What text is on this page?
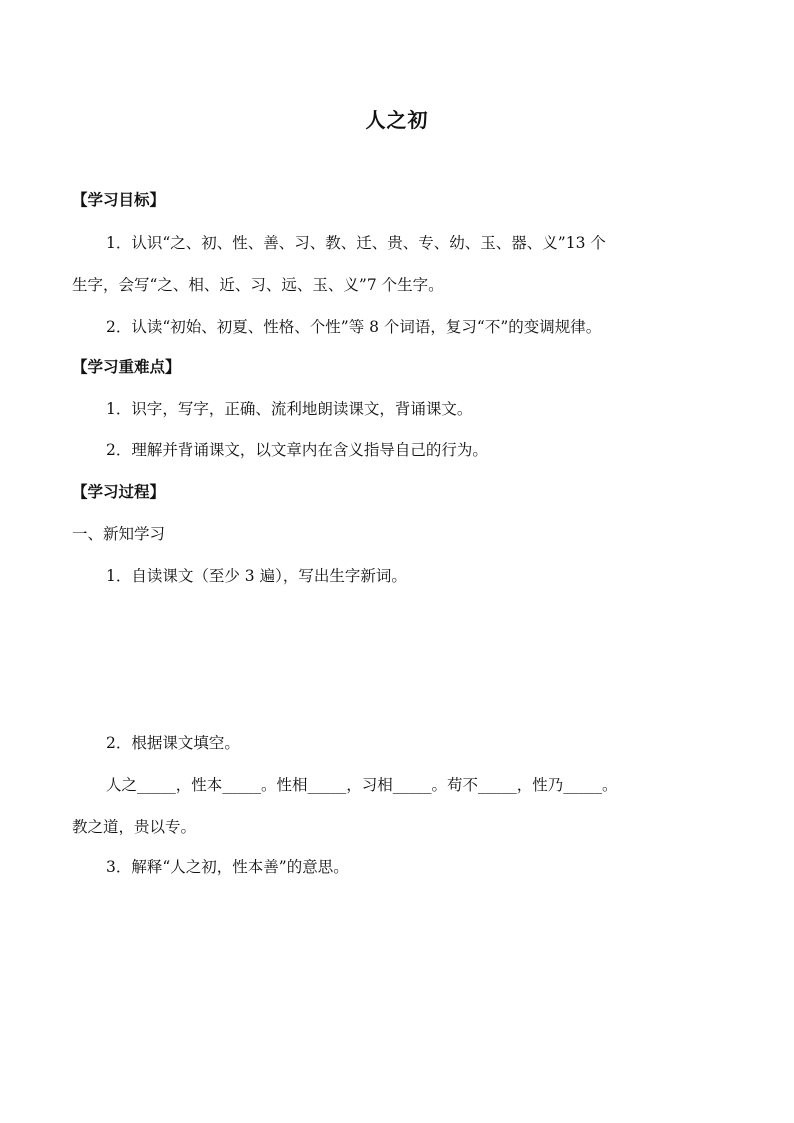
人之初
【学习目标】
1．认识“之、初、性、善、习、教、迁、贵、专、幼、玉、器、义”13 个
生字，会写“之、相、近、习、远、玉、义”7 个生字。
2．认读“初始、初夏、性格、个性”等 8 个词语，复习“不”的变调规律。
【学习重难点】
1．识字，写字，正确、流利地朗读课文，背诵课文。
2．理解并背诵课文，以文章内在含义指导自己的行为。
【学习过程】
一、新知学习
1．自读课文（至少 3 遍），写出生字新词。
2．根据课文填空。
人之_____，性本_____。性相_____，习相_____。苟不_____，性乃_____。
教之道，贵以专。
3．解释“人之初，性本善”的意思。
